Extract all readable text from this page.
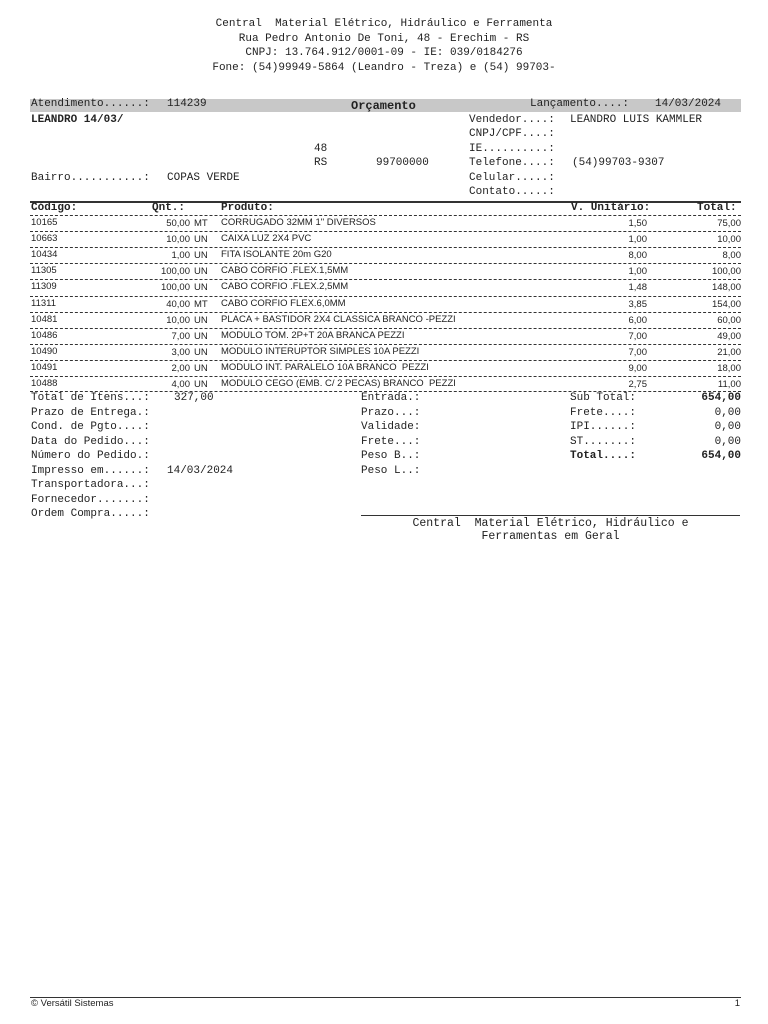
Central  Material Elétrico, Hidráulico e Ferramenta
Rua Pedro Antonio De Toni, 48 - Erechim - RS
CNPJ: 13.764.912/0001-09 - IE: 039/0184276
Fone: (54)99949-5864 (Leandro - Treza) e (54) 99703-
Atendimento......: 114239	Orçamento	Lançamento....: 14/03/2024
LEANDRO 14/03/
48
RS	99700000
Bairro...........: COPAS VERDE
Vendedor....: LEANDRO LUIS KAMMLER
CNPJ/CPF....:
IE..........:
Telefone....: (54)99703-9307
Celular.....:
Contato.....:
Código:	Qnt.:	Produto:	V. Unitário:	Total:
10165	50,00 MT CORRUGADO 32MM 1" DIVERSOS	1,50	75,00
10663	10,00 UN CAIXA LUZ 2X4 PVC	1,00	10,00
10434	1,00 UN FITA ISOLANTE 20m G20	8,00	8,00
11305	100,00 UN CABO CORFIO .FLEX.1,5MM	1,00	100,00
11309	100,00 UN CABO CORFIO .FLEX.2,5MM	1,48	148,00
11311	40,00 MT CABO CORFIO FLEX.6,0MM	3,85	154,00
10481	10,00 UN PLACA + BASTIDOR 2X4 CLASSICA BRANCO -PEZZI	6,00	60,00
10486	7,00 UN MODULO TOM. 2P+T 20A BRANCA PEZZI	7,00	49,00
10490	3,00 UN MODULO INTERUPTOR SIMPLES 10A PEZZI	7,00	21,00
10491	2,00 UN MODULO INT. PARALELO 10A BRANCO  PEZZI	9,00	18,00
10488	4,00 UN MODULO CEGO (EMB. C/ 2 PECAS) BRANCO  PEZZI	2,75	11,00
Total de Itens...: 327,00
Prazo de Entrega.:
Cond. de Pgto....:
Data do Pedido...:
Número do Pedido.:
Impresso em......: 14/03/2024
Transportadora...:
Fornecedor.......:
Ordem Compra.....:
Entrada.:
Prazo...:
Validade:
Frete...:
Peso B..:
Peso L..:
Sub Total:	654,00
Frete....:	0,00
IPI......:	0,00
ST.......:	0,00
Total....:	654,00
Central  Material Elétrico, Hidráulico e
Ferramentas em Geral
© Versátil Sistemas	1
